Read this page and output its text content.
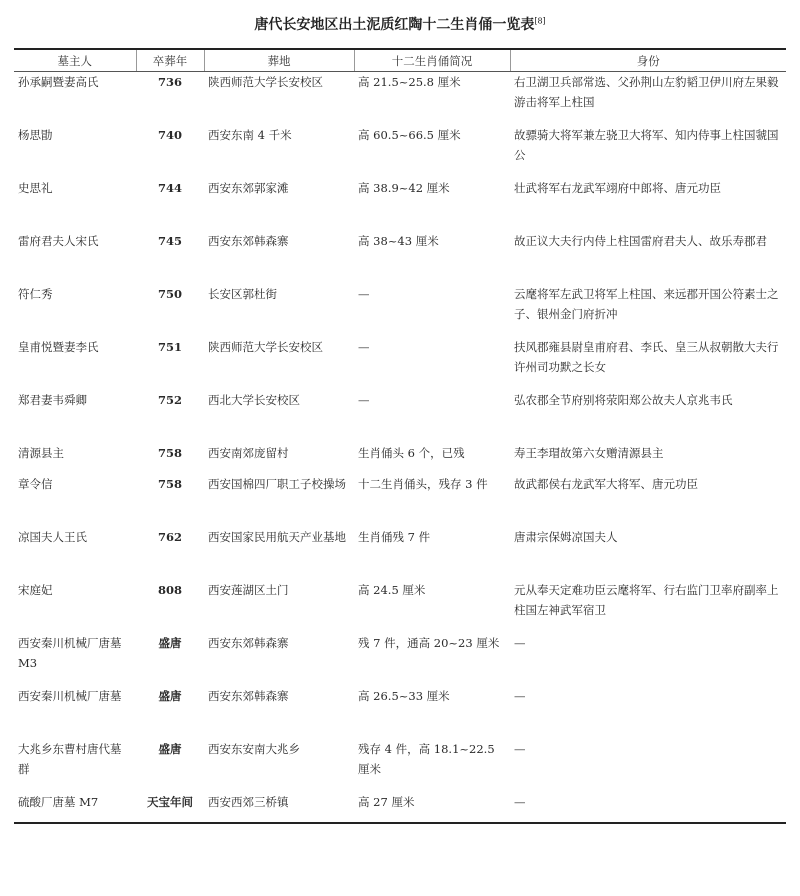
唐代长安地区出土泥质红陶十二生肖俑一览表[8]
墓主人	卒葬年	葬地	十二生肖俑简况	身份
孙承嗣暨妻高氏	736	陕西师范大学长安校区	高 21.5~25.8 厘米	右卫湖卫兵部常选、父孙荆山左豹韬卫伊川府左果毅游击将军上柱国
杨思勖	740	西安东南 4 千米	高 60.5~66.5 厘米	故骠骑大将军兼左骁卫大将军、知内侍事上柱国虢国公
史思礼	744	西安东郊郭家滩	高 38.9~42 厘米	壮武将军右龙武军翊府中郎将、唐元功臣
雷府君夫人宋氏	745	西安东郊韩森寨	高 38~43 厘米	故正议大夫行内侍上柱国雷府君夫人、故乐寿郡君
符仁秀	750	长安区郭杜街	—	云麾将军左武卫将军上柱国、来远郡开国公符素士之子、银州金门府折冲
皇甫悦暨妻李氏	751	陕西师范大学长安校区	—	扶风郡雍县尉皇甫府君、李氏、皇三从叔朝散大夫行许州司功默之长女
郑君妻韦舜卿	752	西北大学长安校区	—	弘农郡全节府别将荥阳郑公故夫人京兆韦氏
清源县主	758	西安南郊庞留村	生肖俑头 6 个，已残	寿王李瑁故第六女赠清源县主
章令信	758	西安国棉四厂职工子校操场	十二生肖俑头，残存 3 件	故武都侯右龙武军大将军、唐元功臣
凉国夫人王氏	762	西安国家民用航天产业基地	生肖俑残 7 件	唐肃宗保姆凉国夫人
宋庭妃	808	西安莲湖区土门	高 24.5 厘米	元从奉天定难功臣云麾将军、行右监门卫率府副率上柱国左神武军宿卫
西安秦川机械厂唐墓 M3	盛唐	西安东郊韩森寨	残 7 件，通高 20~23 厘米	—
西安秦川机械厂唐墓	盛唐	西安东郊韩森寨	高 26.5~33 厘米	—
大兆乡东曹村唐代墓群	盛唐	西安东安南大兆乡	残存 4 件，高 18.1~22.5 厘米	—
硫酸厂唐墓 M7	天宝年间	西安西郊三桥镇	高 27 厘米	—
